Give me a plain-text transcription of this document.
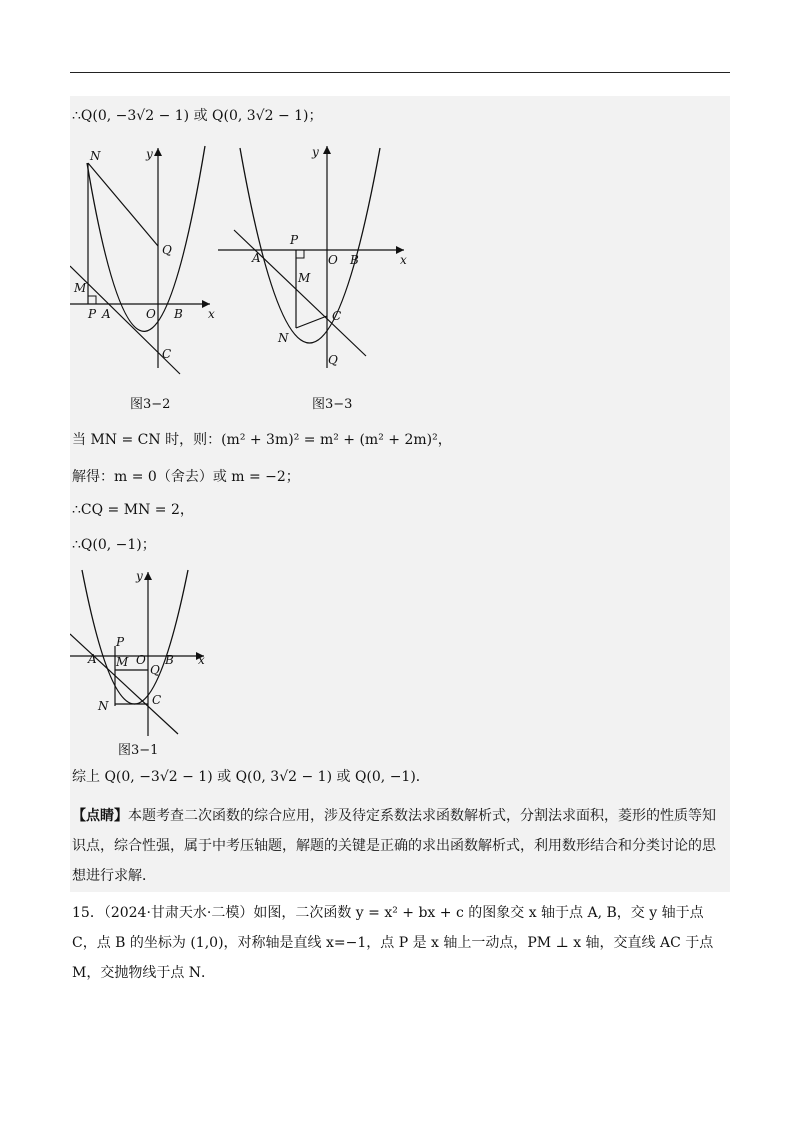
∴Q(0, −3√2 − 1) 或 Q(0, 3√2 − 1)；
N	y
Q
M
P A	O B x
C
图3−2
y
P
A	O B	x
M
C
N
Q
图3−3
当 MN = CN 时，则：(m² + 3m)² = m² + (m² + 2m)²，
解得：m = 0（舍去）或 m = −2；
∴CQ = MN = 2，
∴Q(0, −1)；
y
P
A M O B x
Q
C
N
图3−1
综上 Q(0, −3√2 − 1) 或 Q(0, 3√2 − 1) 或 Q(0, −1)．
【点睛】本题考查二次函数的综合应用，涉及待定系数法求函数解析式，分割法求面积，菱形的性质等知识点，综合性强，属于中考压轴题，解题的关键是正确的求出函数解析式，利用数形结合和分类讨论的思想进行求解．
15．（2024·甘肃天水·二模）如图，二次函数 y = x² + bx + c 的图象交 x 轴于点 A, B，交 y 轴于点 C，点 B 的坐标为 (1,0)，对称轴是直线 x=−1，点 P 是 x 轴上一动点，PM ⊥ x 轴，交直线 AC 于点 M，交抛物线于点 N．
